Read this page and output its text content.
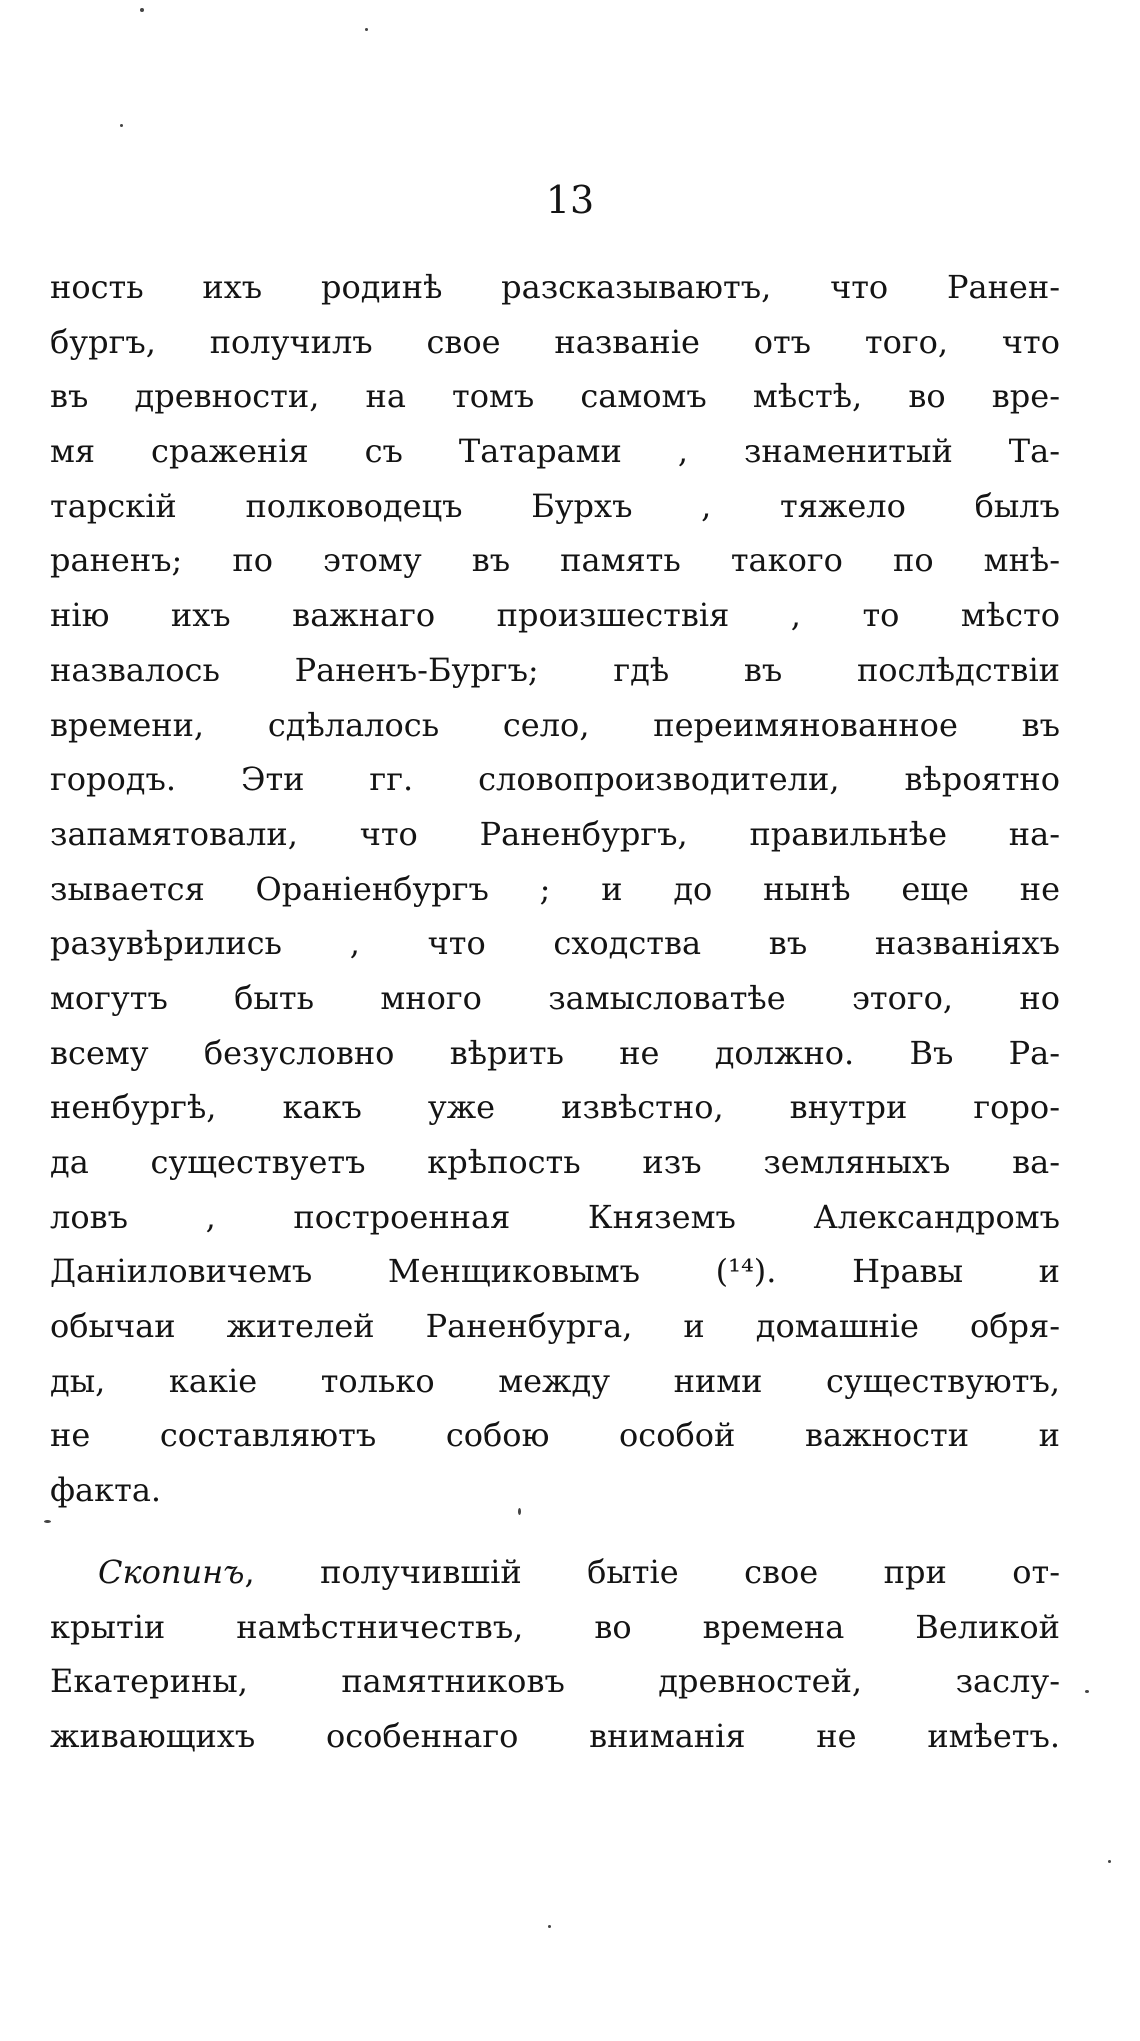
13
ность ихъ родинѣ разсказываютъ, что Ранен-
бургъ, получилъ свое названіе отъ того, что
въ древности, на томъ самомъ мѣстѣ, во вре-
мя сраженія съ Татарами , знаменитый Та-
тарскій полководецъ Бурхъ , тяжело былъ
раненъ; по этому въ память такого по мнѣ-
нію ихъ важнаго произшествія , то мѣсто
назвалось Раненъ-Бургъ; гдѣ въ послѣдствіи
времени, сдѣлалось село, переимянованное въ
городъ. Эти гг. словопроизводители, вѣроятно
запамятовали, что Раненбургъ, правильнѣе на-
зывается Ораніенбургъ ; и до нынѣ еще не
разувѣрились , что сходства въ названіяхъ
могутъ быть много замысловатѣе этого, но
всему безусловно вѣрить не должно. Въ Ра-
ненбургѣ, какъ уже извѣстно, внутри горо-
да существуетъ крѣпость изъ земляныхъ ва-
ловъ , построенная Княземъ Александромъ
Даніиловичемъ Менщиковымъ (¹⁴). Нравы и
обычаи жителей Раненбурга, и домашніе обря-
ды, какіе только между ними существуютъ,
не составляютъ собою особой важности и
факта.
Скопинъ, получившій бытіе свое при от-
крытіи намѣстничествъ, во времена Великой
Екатерины, памятниковъ древностей, заслу-
живающихъ особеннаго вниманія не имѣетъ.
